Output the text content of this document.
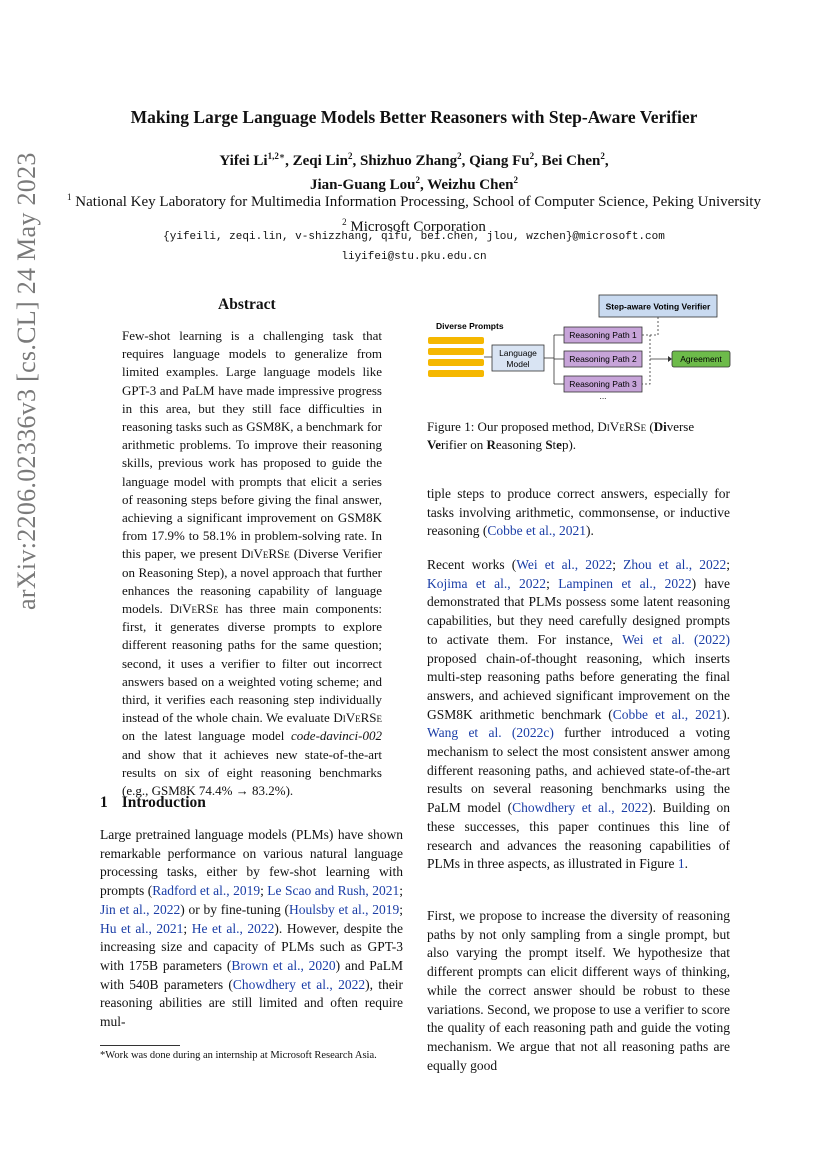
arXiv:2206.02336v3 [cs.CL] 24 May 2023
Making Large Language Models Better Reasoners with Step-Aware Verifier
Yifei $Li^{1,2∗}$, Zeqi Lin$^2$, Shizhuo Zhang$^2$, Qiang Fu$^2$, Bei Chen$^2$,
Jian-Guang Lou$^2$, Weizhu Chen$^2$
$^1$ National Key Laboratory for Multimedia Information Processing, School of Computer Science, Peking University
$^2$ Microsoft Corporation
{yifeili, zeqi.lin, v-shizzhang, qifu, bei.chen, jlou, wzchen}@microsoft.com
liyifei@stu.pku.edu.cn
Abstract

Few-shot learning is a challenging task that requires language models to generalize from limited examples. Large language models like GPT-3 and PaLM have made impressive progress in this area, but they still face difficulties in reasoning tasks such as GSM8K, a benchmark for arithmetic problems. To improve their reasoning skills, previous work has proposed to guide the language model with prompts that elicit a series of reasoning steps before giving the final answer, achieving a significant improvement on GSM8K from 17.9% to 58.1% in problem-solving rate. In this paper, we present DiVeRSe (Diverse Verifier on Reasoning Step), a novel approach that further enhances the reasoning capability of language models. DiVeRSe has three main components: first, it generates diverse prompts to explore different reasoning paths for the same question; second, it uses a verifier to filter out incorrect answers based on a weighted voting scheme; and third, it verifies each reasoning step individually instead of the whole chain. We evaluate DiVeRSe on the latest language model code-davinci-002 and show that it achieves new state-of-the-art results on six of eight reasoning benchmarks (e.g., GSM8K 74.4% → 83.2%).

1 Introduction
Large pretrained language models (PLMs) have shown remarkable performance on various natural language processing tasks, either by few-shot learning with prompts (Radford et al., 2019; Le Scao and Rush, 2021; Jin et al., 2022) or by fine-tuning (Houlsby et al., 2019; Hu et al., 2021; He et al., 2022). However, despite the increasing size and capacity of PLMs such as GPT-3 with 175B parameters (Brown et al., 2020) and PaLM with 540B parameters (Chowdhery et al., 2022), their reasoning abilities are still limited and often require mul-
*Work was done during an internship at Microsoft Research Asia.
Step-aware Voting Verifier
Diverse Prompts
Language
Model
Reasoning Path 1
Reasoning Path 2
Reasoning Path 3
...
Agreement
Figure 1: Our proposed method, DiVeRSe (Diverse Verifier on Reasoning Step).
tiple steps to produce correct answers, especially for tasks involving arithmetic, commonsense, or inductive reasoning (Cobbe et al., 2021).
Recent works (Wei et al., 2022; Zhou et al., 2022; Kojima et al., 2022; Lampinen et al., 2022) have demonstrated that PLMs possess some latent reasoning capabilities, but they need carefully designed prompts to activate them. For instance, Wei et al. (2022) proposed chain-of-thought reasoning, which inserts multi-step reasoning paths before generating the final answers, and achieved significant improvement on the GSM8K arithmetic benchmark (Cobbe et al., 2021). Wang et al. (2022c) further introduced a voting mechanism to select the most consistent answer among different reasoning paths, and achieved state-of-the-art results on several reasoning benchmarks using the PaLM model (Chowdhery et al., 2022). Building on these successes, this paper continues this line of research and advances the reasoning capabilities of PLMs in three aspects, as illustrated in Figure 1.
First, we propose to increase the diversity of reasoning paths by not only sampling from a single prompt, but also varying the prompt itself. We hypothesize that different prompts can elicit different ways of thinking, while the correct answer should be robust to these variations. Second, we propose to use a verifier to score the quality of each reasoning path and guide the voting mechanism. We argue that not all reasoning paths are equally good
